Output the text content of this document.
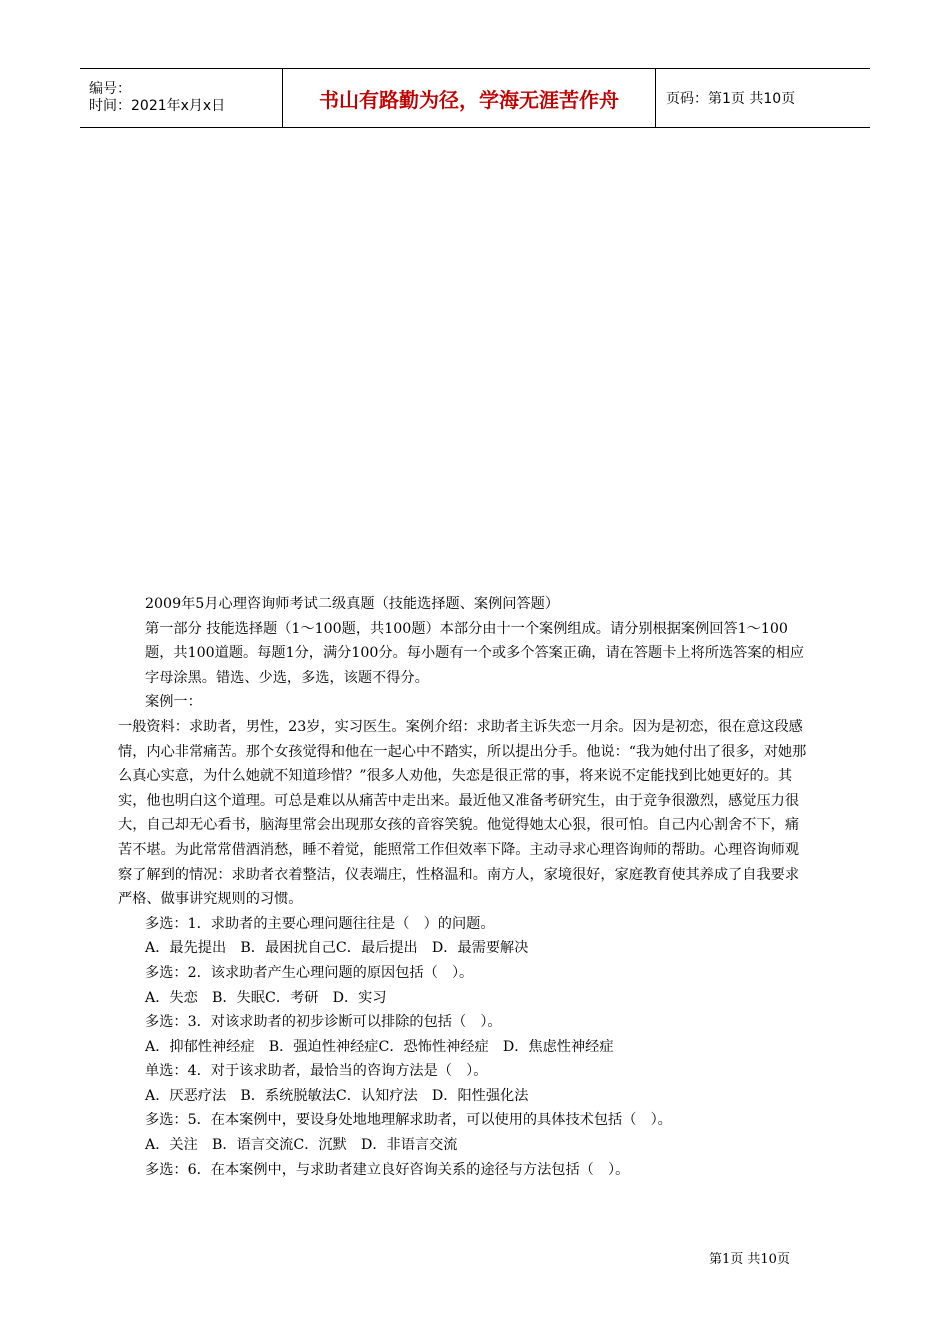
编号：
时间：2021年x月x日	书山有路勤为径，学海无涯苦作舟	页码：第1页 共10页

2009年5月心理咨询师考试二级真题（技能选择题、案例问答题）

第一部分 技能选择题（1～100题，共100题）本部分由十一个案例组成。请分别根据案例回答1～100题，共100道题。每题1分，满分100分。每小题有一个或多个答案正确，请在答题卡上将所选答案的相应字母涂黑。错选、少选，多选，该题不得分。

案例一：

一般资料：求助者，男性，23岁，实习医生。案例介绍：求助者主诉失恋一月余。因为是初恋，很在意这段感情，内心非常痛苦。那个女孩觉得和他在一起心中不踏实，所以提出分手。他说：“我为她付出了很多，对她那么真心实意，为什么她就不知道珍惜？”很多人劝他，失恋是很正常的事，将来说不定能找到比她更好的。其实，他也明白这个道理。可总是难以从痛苦中走出来。最近他又准备考研究生，由于竞争很激烈，感觉压力很大，自己却无心看书，脑海里常会出现那女孩的音容笑貌。他觉得她太心狠，很可怕。自己内心割舍不下，痛苦不堪。为此常常借酒消愁，睡不着觉，能照常工作但效率下降。主动寻求心理咨询师的帮助。心理咨询师观察了解到的情况：求助者衣着整洁，仪表端庄，性格温和。南方人，家境很好，家庭教育使其养成了自我要求严格、做事讲究规则的习惯。

多选：1．求助者的主要心理问题往往是（　）的问题。

A．最先提出　B．最困扰自己C．最后提出　D．最需要解决

多选：2．该求助者产生心理问题的原因包括（　）。

A．失恋　B．失眠C．考研　D．实习

多选：3．对该求助者的初步诊断可以排除的包括（　）。

A．抑郁性神经症　B．强迫性神经症C．恐怖性神经症　D．焦虑性神经症

单选：4．对于该求助者，最恰当的咨询方法是（　）。

A．厌恶疗法　B．系统脱敏法C．认知疗法　D．阳性强化法

多选：5．在本案例中，要设身处地地理解求助者，可以使用的具体技术包括（　）。

A．关注　B．语言交流C．沉默　D．非语言交流

多选：6．在本案例中，与求助者建立良好咨询关系的途径与方法包括（　）。

第1页 共10页
